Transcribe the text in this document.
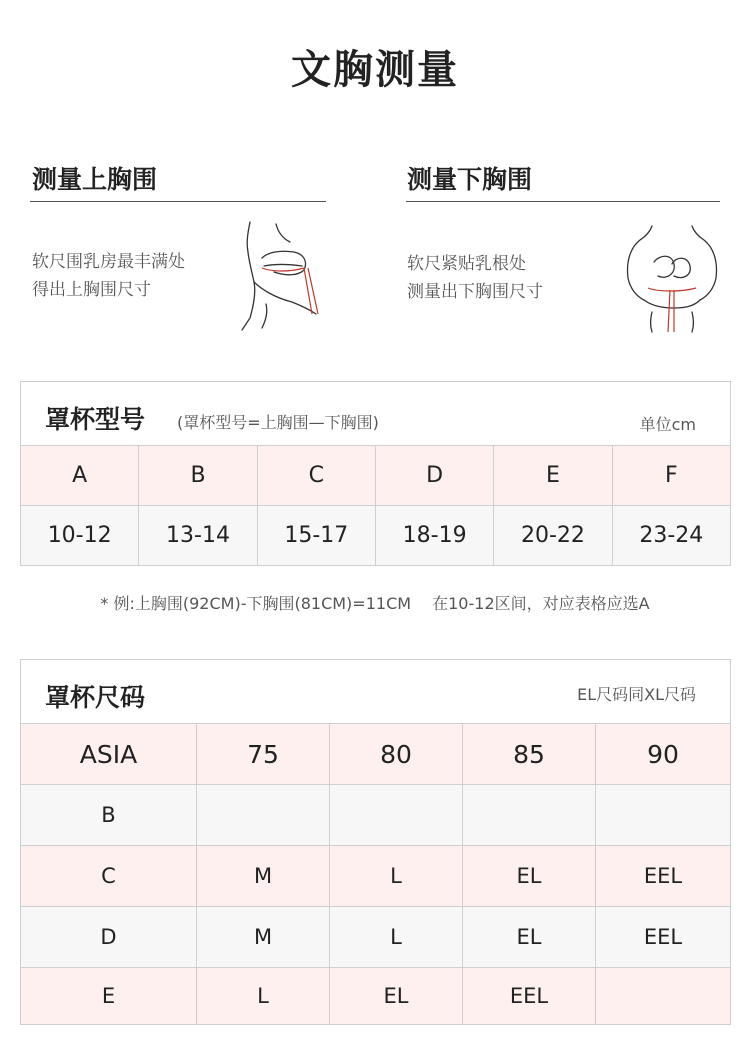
文胸测量
测量上胸围
软尺围乳房最丰满处
得出上胸围尺寸
测量下胸围
软尺紧贴乳根处
测量出下胸围尺寸
罩杯型号 (罩杯型号=上胸围—下胸围)	单位cm
A	B	C	D	E	F
10-12	13-14	15-17	18-19	20-22	23-24
* 例:上胸围(92CM)-下胸围(81CM)=11CM　 在10-12区间，对应表格应选A
罩杯尺码	EL尺码同XL尺码
ASIA	75	80	85	90
B				
C	M	L	EL	EEL
D	M	L	EL	EEL
E	L	EL	EEL	
